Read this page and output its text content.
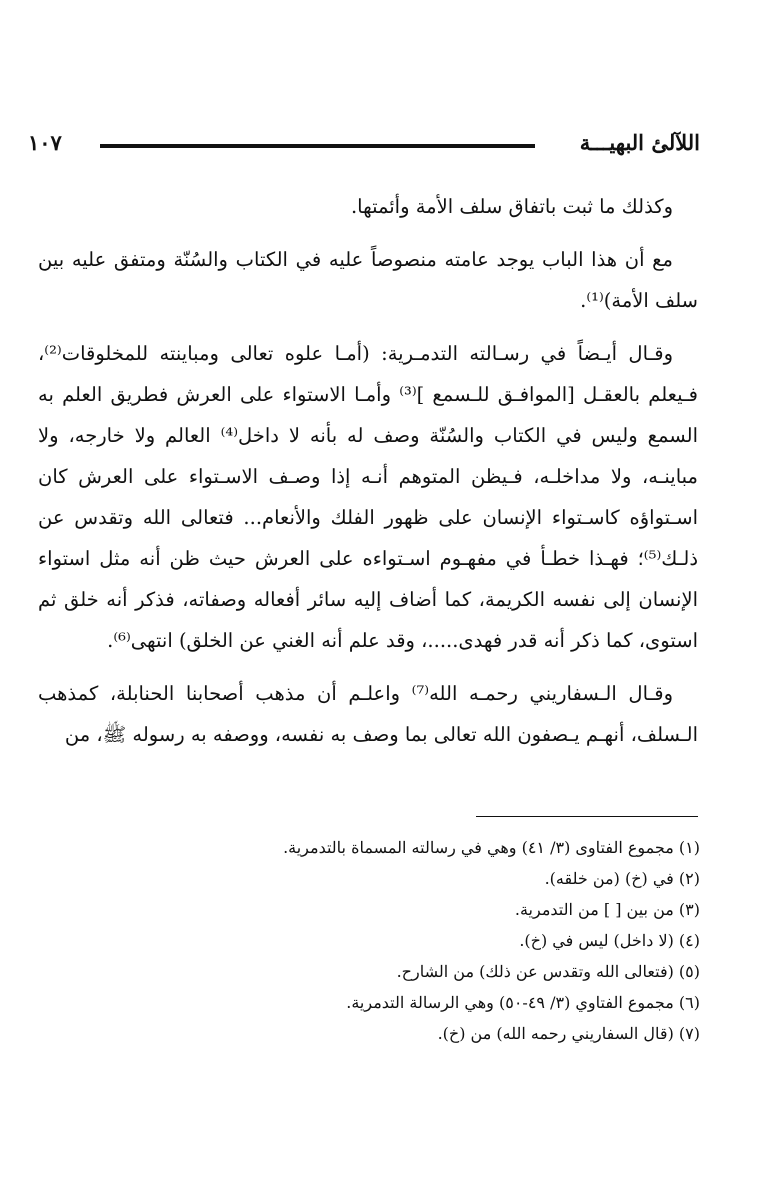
اللآلئ البهيـــة
١٠٧

وكذلك ما ثبت باتفاق سلف الأمة وأئمتها.

مع أن هذا الباب يوجد عامته منصوصاً عليه في الكتاب والسُنّة ومتفق عليه بين سلف الأمة)⁽¹⁾.

وقـال أيـضاً في رسـالته التدمـرية: (أمـا علوه تعالى ومباينته للمخلوقات⁽²⁾، فـيعلم بالعقـل [الموافـق للـسمع ]⁽³⁾ وأمـا الاستواء على العرش فطريق العلم به السمع وليس في الكتاب والسُنّة وصف له بأنه لا داخل⁽⁴⁾ العالم ولا خارجه، ولا مباينـه، ولا مداخلـه، فـيظن المتوهم أنـه إذا وصـف الاسـتواء على العرش كان اسـتواؤه كاسـتواء الإنسان على ظهور الفلك والأنعام... فتعالى الله وتقدس عن ذلـك⁽⁵⁾؛ فهـذا خطـأ في مفهـوم اسـتواءه على العرش حيث ظن أنه مثل استواء الإنسان إلى نفسه الكريمة، كما أضاف إليه سائر أفعاله وصفاته، فذكر أنه خلق ثم استوى، كما ذكر أنه قدر فهدى.....، وقد علم أنه الغني عن الخلق) انتهى⁽⁶⁾.

وقـال الـسفاريني رحمـه الله⁽⁷⁾ واعلـم أن مذهب أصحابنا الحنابلة، كمذهب الـسلف، أنهـم يـصفون الله تعالى بما وصف به نفسه، ووصفه به رسوله ﷺ، من

(١) مجموع الفتاوى (٣/ ٤١) وهي في رسالته المسماة بالتدمرية.
(٢) في (خ) (من خلقه).
(٣) من بين [ ] من التدمرية.
(٤) (لا داخل) ليس في (خ).
(٥) (فتعالى الله وتقدس عن ذلك) من الشارح.
(٦) مجموع الفتاوي (٣/ ٤٩-٥٠) وهي الرسالة التدمرية.
(٧) (قال السفاريني رحمه الله) من (خ).
